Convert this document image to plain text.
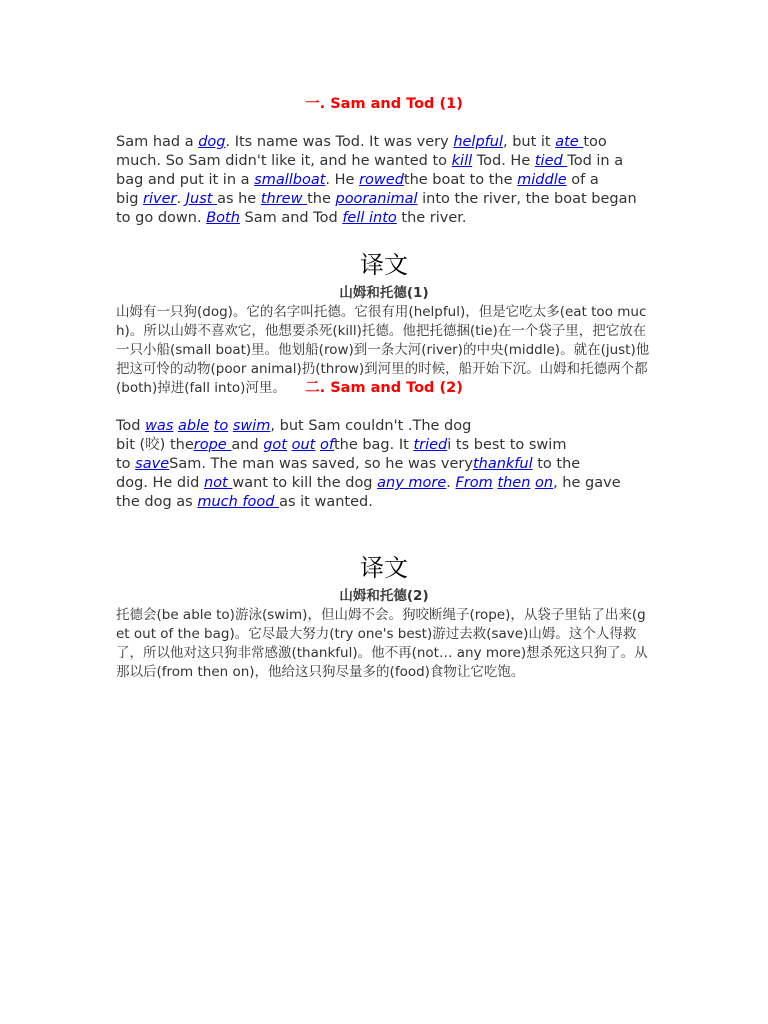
一. Sam and Tod (1)
Sam had a dog. Its name was Tod. It was very helpful, but it ate too
much. So Sam didn't like it, and he wanted to kill Tod. He tied Tod in a
bag and put it in a smallboat. He rowedthe boat to the middle of a
big river. Just as he threw the pooranimal into the river, the boat began
to go down. Both Sam and Tod fell into the river.
译文
山姆和托德(1)
山姆有一只狗(dog)。它的名字叫托德。它很有用(helpful)，但是它吃太多(eat too much)。所以山姆不喜欢它，他想要杀死(kill)托德。他把托德捆(tie)在一个袋子里，把它放在一只小船(small boat)里。他划船(row)到一条大河(river)的中央(middle)。就在(just)他把这可怜的动物(poor animal)扔(throw)到河里的时候，船开始下沉。山姆和托德两个都(both)掉进(fall into)河里。	二. Sam and Tod (2)
Tod was able to swim, but Sam couldn't .The dog
bit (咬) therope and got out ofthe bag. It triedi ts best to swim
to saveSam. The man was saved, so he was verythankful to the
dog. He did not want to kill the dog any more. From then on, he gave
the dog as much food as it wanted.
译文
山姆和托德(2)
托德会(be able to)游泳(swim)，但山姆不会。狗咬断绳子(rope)，从袋子里钻了出来(get out of the bag)。它尽最大努力(try one's best)游过去救(save)山姆。这个人得救了，所以他对这只狗非常感激(thankful)。他不再(not… any more)想杀死这只狗了。从那以后(from then on)，他给这只狗尽量多的(food)食物让它吃饱。
